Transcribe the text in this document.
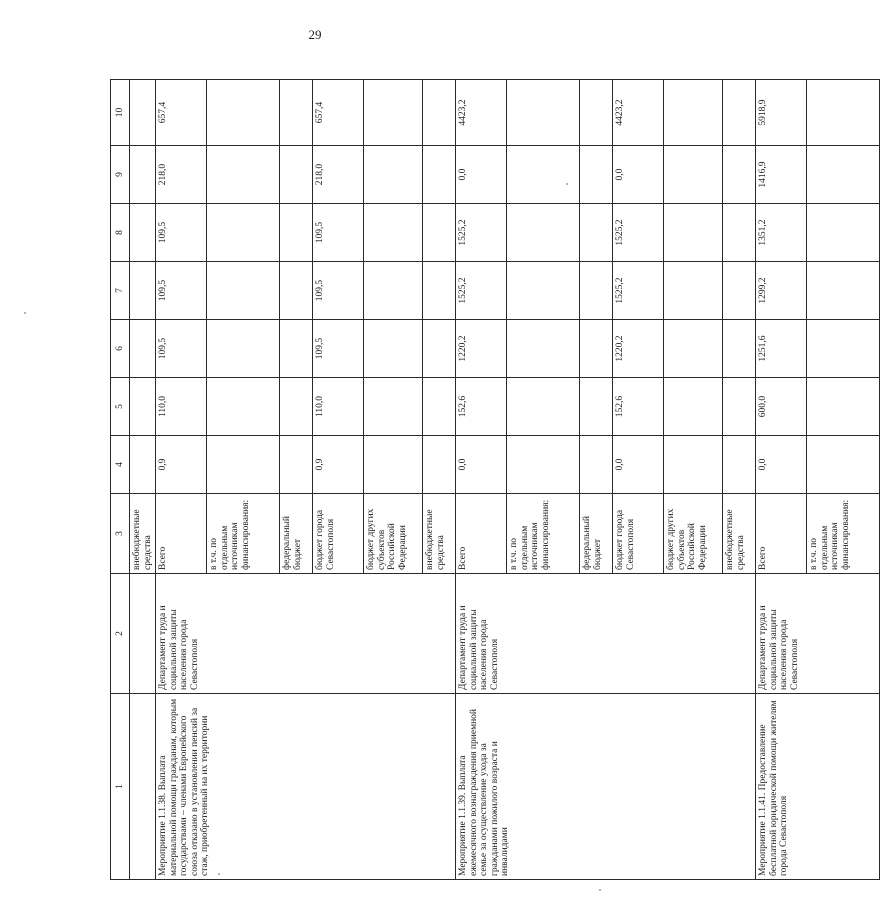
29
1	2	3	4	5	6	7	8	9	10
		внебюджетные средства							
Мероприятие 1.1.38. Выплата материальной помощи гражданам, которым государствами – членами Европейского союза отказано в установлении пенсий за стаж, приобретенный на их территории	Департамент труда и социальной защиты населения города Севастополя	Всего	0,9	110,0	109,5	109,5	109,5	218,0	657,4
		в т.ч. по отдельным источникам финансирования:							
		федеральный бюджет							
		бюджет города Севастополя	0,9	110,0	109,5	109,5	109,5	218,0	657,4
		бюджет других субъектов Российской Федерации							
		внебюджетные средства							
Мероприятие 1.1.39. Выплата ежемесячного вознаграждения приемной семье за осуществление ухода за гражданами пожилого возраста и инвалидами	Департамент труда и социальной защиты населения города Севастополя	Всего	0,0	152,6	1220,2	1525,2	1525,2	0,0	4423,2
		в т.ч. по отдельным источникам финансирования:							
		федеральный бюджет							
		бюджет города Севастополя	0,0	152,6	1220,2	1525,2	1525,2	0,0	4423,2
		бюджет других субъектов Российской Федерации							
		внебюджетные средства							
Мероприятие 1.1.41. Предоставление бесплатной юридической помощи жителям города Севастополя	Департамент труда и социальной защиты населения города Севастополя	Всего	0,0	600,0	1251,6	1299,2	1351,2	1416,9	5918,9
		в т.ч. по отдельным источникам финансирования:							
